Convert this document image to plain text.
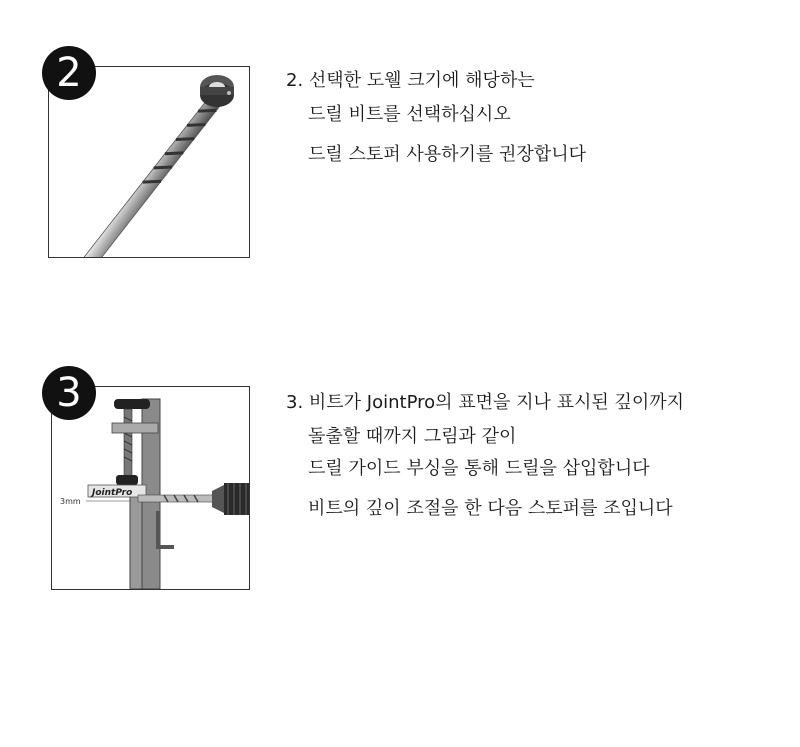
2	2. 선택한 도웰 크기에 해당하는
드릴 비트를 선택하십시오
드릴 스토퍼 사용하기를 권장합니다
3
JointPro
3mm
3. 비트가 JointPro의 표면을 지나 표시된 깊이까지
돌출할 때까지 그림과 같이
드릴 가이드 부싱을 통해 드릴을 삽입합니다
비트의 깊이 조절을 한 다음 스토퍼를 조입니다
